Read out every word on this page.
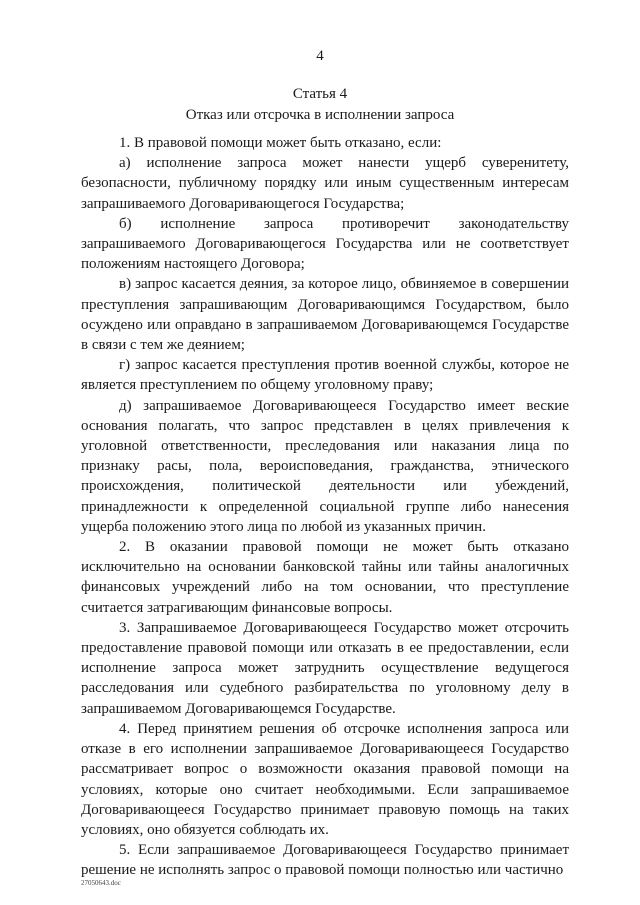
4
Статья 4
Отказ или отсрочка в исполнении запроса

1. В правовой помощи может быть отказано, если:

а) исполнение запроса может нанести ущерб суверенитету, безопасности, публичному порядку или иным существенным интересам запрашиваемого Договаривающегося Государства;

б) исполнение запроса противоречит законодательству запрашиваемого Договаривающегося Государства или не соответствует положениям настоящего Договора;

в) запрос касается деяния, за которое лицо, обвиняемое в совершении преступления запрашивающим Договаривающимся Государством, было осуждено или оправдано в запрашиваемом Договаривающемся Государстве в связи с тем же деянием;

г) запрос касается преступления против военной службы, которое не является преступлением по общему уголовному праву;

д) запрашиваемое Договаривающееся Государство имеет веские основания полагать, что запрос представлен в целях привлечения к уголовной ответственности, преследования или наказания лица по признаку расы, пола, вероисповедания, гражданства, этнического происхождения, политической деятельности или убеждений, принадлежности к определенной социальной группе либо нанесения ущерба положению этого лица по любой из указанных причин.

2. В оказании правовой помощи не может быть отказано исключительно на основании банковской тайны или тайны аналогичных финансовых учреждений либо на том основании, что преступление считается затрагивающим финансовые вопросы.

3. Запрашиваемое Договаривающееся Государство может отсрочить предоставление правовой помощи или отказать в ее предоставлении, если исполнение запроса может затруднить осуществление ведущегося расследования или судебного разбирательства по уголовному делу в запрашиваемом Договаривающемся Государстве.

4. Перед принятием решения об отсрочке исполнения запроса или отказе в его исполнении запрашиваемое Договаривающееся Государство рассматривает вопрос о возможности оказания правовой помощи на условиях, которые оно считает необходимыми. Если запрашиваемое Договаривающееся Государство принимает правовую помощь на таких условиях, оно обязуется соблюдать их.

5. Если запрашиваемое Договаривающееся Государство принимает решение не исполнять запрос о правовой помощи полностью или частично

27050643.doc
